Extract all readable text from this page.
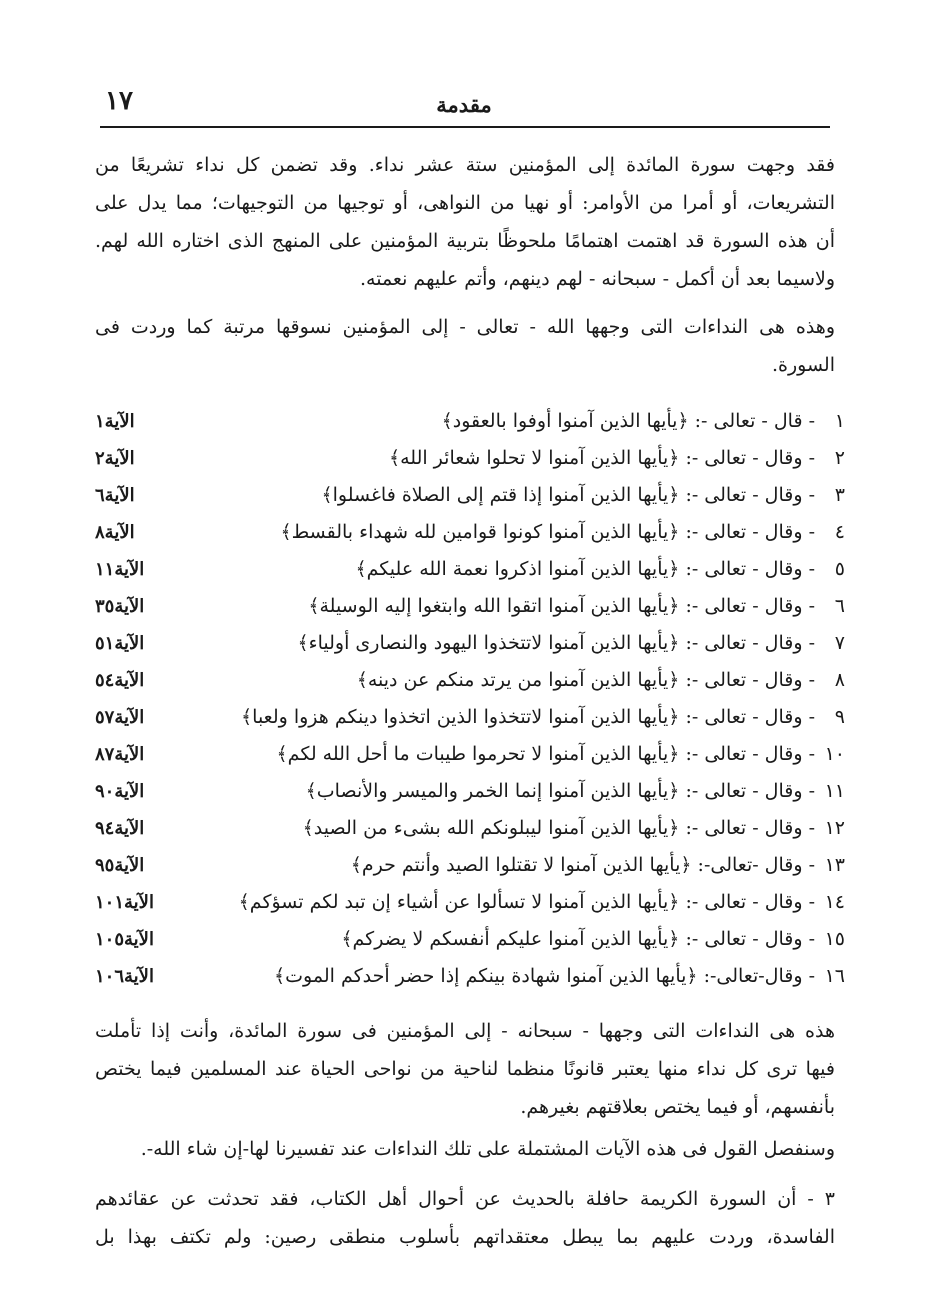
١٧	مقدمة
فقد وجهت سورة المائدة إلى المؤمنين ستة عشر نداء. وقد تضمن كل نداء تشريعًا من
التشريعات، أو أمرا من الأوامر: أو نهيا من النواهى، أو توجيها من التوجيهات؛ مما يدل على
أن هذه السورة قد اهتمت اهتمامًا ملحوظًا بتربية المؤمنين على المنهج الذى اختاره الله لهم.
ولاسيما بعد أن أكمل - سبحانه - لهم دينهم، وأتم عليهم نعمته.
وهذه هى النداءات التى وجهها الله - تعالى - إلى المؤمنين نسوقها مرتبة كما وردت فى
السورة.
١
- قال - تعالى -: ﴿يأيها الذين آمنوا أوفوا بالعقود﴾
الآية١
٢
- وقال - تعالى -: ﴿يأيها الذين آمنوا لا تحلوا شعائر الله﴾
الآية٢
٣
- وقال - تعالى -: ﴿يأيها الذين آمنوا إذا قتم إلى الصلاة فاغسلوا﴾
الآية٦
٤
- وقال - تعالى -: ﴿يأيها الذين آمنوا كونوا قوامين لله شهداء بالقسط﴾
الآية٨
٥
- وقال - تعالى -: ﴿يأيها الذين آمنوا اذكروا نعمة الله عليكم﴾
الآية١١
٦
- وقال - تعالى -: ﴿يأيها الذين آمنوا اتقوا الله وابتغوا إليه الوسيلة﴾
الآية٣٥
٧
- وقال - تعالى -: ﴿يأيها الذين آمنوا لاتتخذوا اليهود والنصارى أولياء﴾
الآية٥١
٨
- وقال - تعالى -: ﴿يأيها الذين آمنوا من يرتد منكم عن دينه﴾
الآية٥٤
٩
- وقال - تعالى -: ﴿يأيها الذين آمنوا لاتتخذوا الذين اتخذوا دينكم هزوا ولعبا﴾
الآية٥٧
١٠
- وقال - تعالى -: ﴿يأيها الذين آمنوا لا تحرموا طيبات ما أحل الله لكم﴾
الآية٨٧
١١
- وقال - تعالى -: ﴿يأيها الذين آمنوا إنما الخمر والميسر والأنصاب﴾
الآية٩٠
١٢
- وقال - تعالى -: ﴿يأيها الذين آمنوا ليبلونكم الله بشىء من الصيد﴾
الآية٩٤
١٣
- وقال -تعالى-: ﴿يأيها الذين آمنوا لا تقتلوا الصيد وأنتم حرم﴾
الآية٩٥
١٤
- وقال - تعالى -: ﴿يأيها الذين آمنوا لا تسألوا عن أشياء إن تبد لكم تسؤكم﴾
الآية١٠١
١٥
- وقال - تعالى -: ﴿يأيها الذين آمنوا عليكم أنفسكم لا يضركم﴾
الآية١٠٥
١٦
- وقال-تعالى-: ﴿يأيها الذين آمنوا شهادة بينكم إذا حضر أحدكم الموت﴾
الآية١٠٦
هذه هى النداءات التى وجهها - سبحانه - إلى المؤمنين فى سورة المائدة، وأنت إذا تأملت
فيها ترى كل نداء منها يعتبر قانونًا منظما لناحية من نواحى الحياة عند المسلمين فيما يختص
بأنفسهم، أو فيما يختص بعلاقتهم بغيرهم.
وسنفصل القول فى هذه الآيات المشتملة على تلك النداءات عند تفسيرنا لها-إن شاء الله-.
٣ - أن السورة الكريمة حافلة بالحديث عن أحوال أهل الكتاب، فقد تحدثت عن عقائدهم
الفاسدة، وردت عليهم بما يبطل معتقداتهم بأسلوب منطقى رصين: ولم تكتف بهذا بل
